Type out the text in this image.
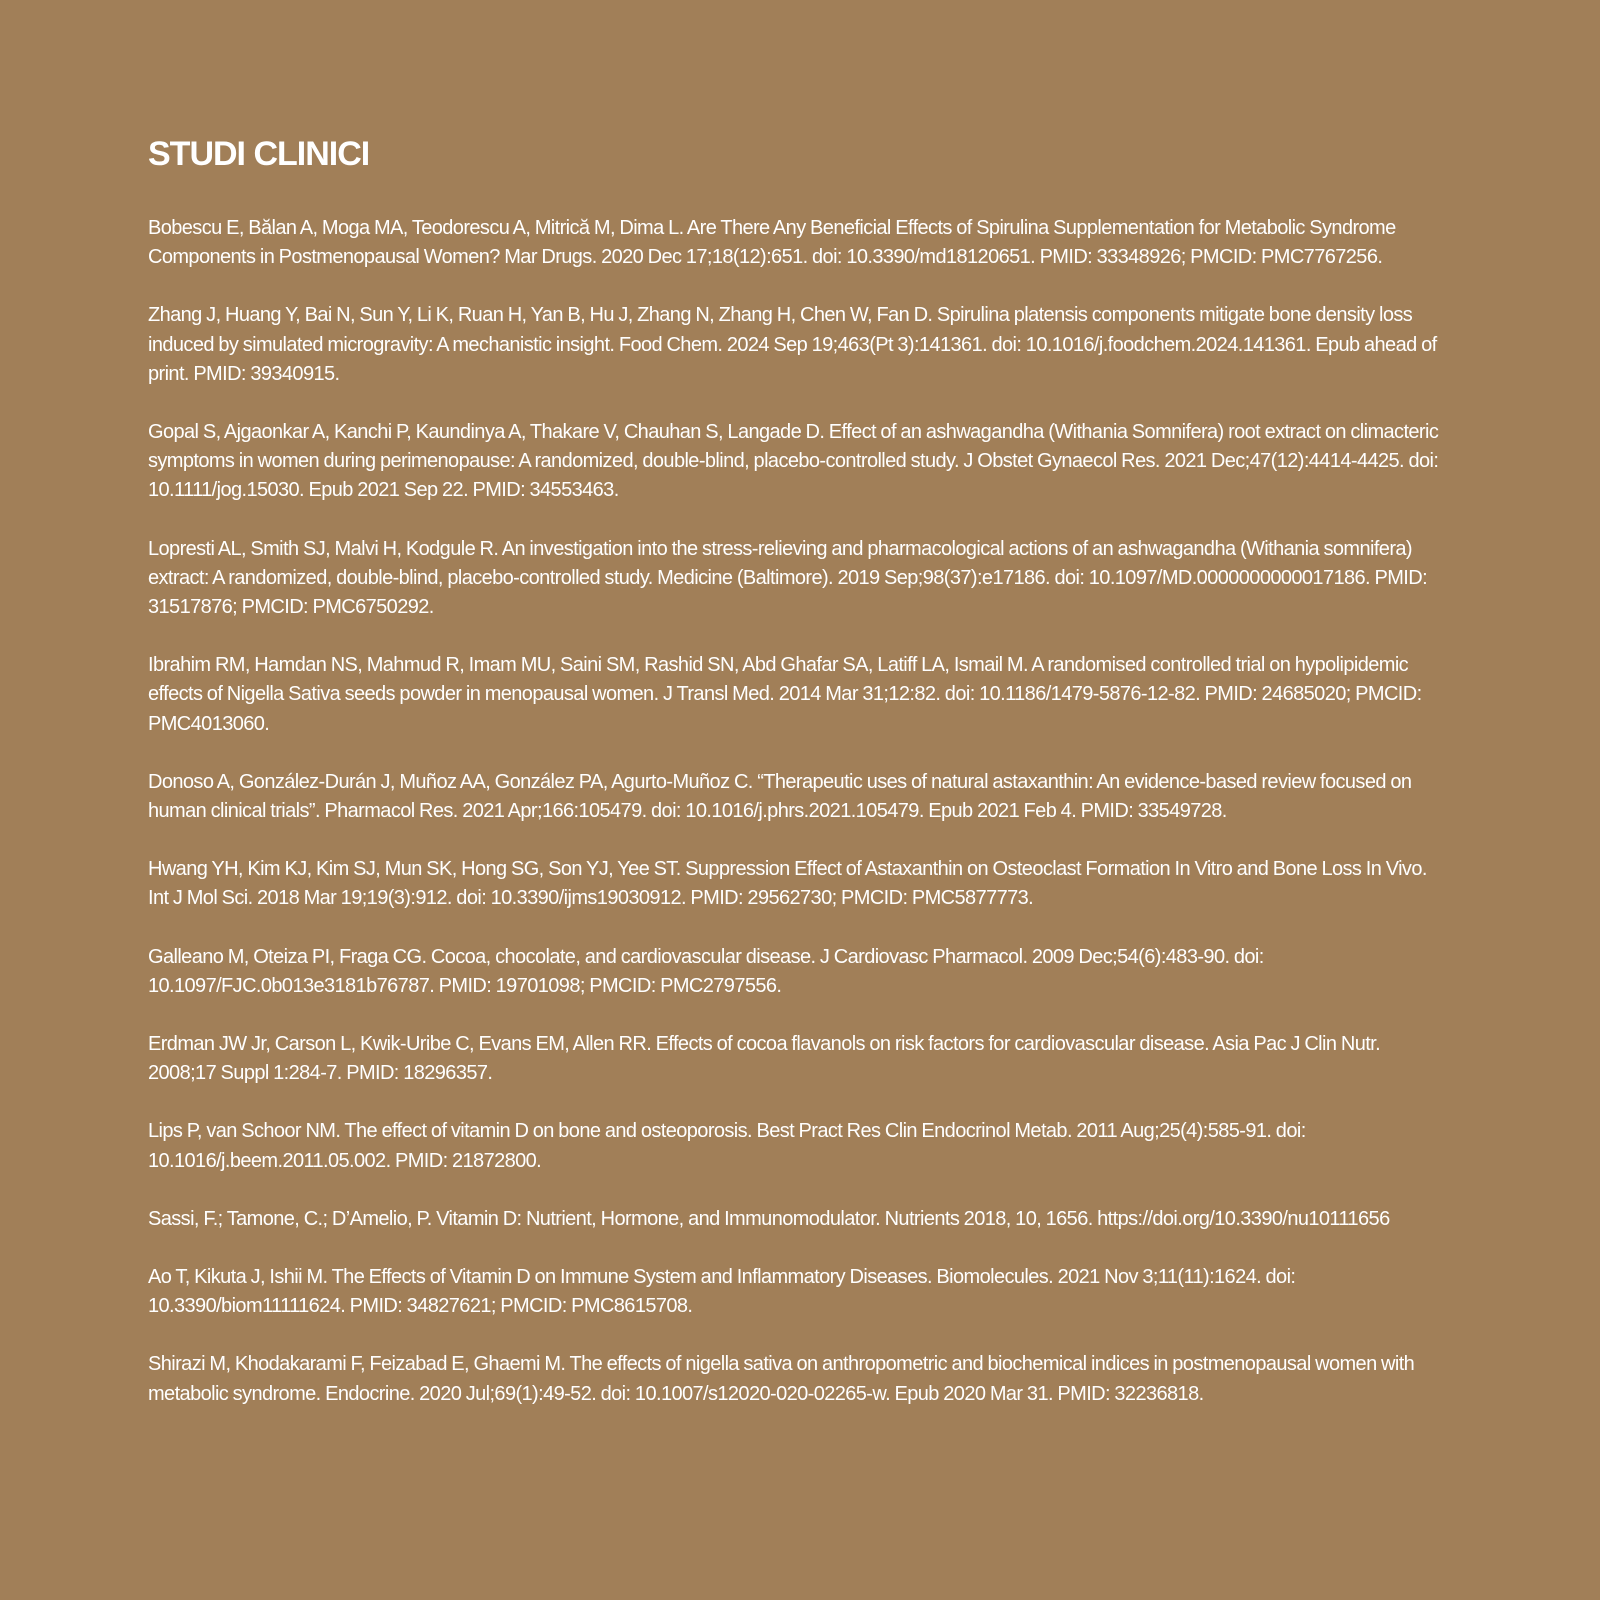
STUDI CLINICI
Bobescu E, Bălan A, Moga MA, Teodorescu A, Mitrică M, Dima L. Are There Any Beneficial Effects of Spirulina Supplementation for Metabolic Syndrome Components in Postmenopausal Women? Mar Drugs. 2020 Dec 17;18(12):651. doi: 10.3390/md18120651. PMID: 33348926; PMCID: PMC7767256.
Zhang J, Huang Y, Bai N, Sun Y, Li K, Ruan H, Yan B, Hu J, Zhang N, Zhang H, Chen W, Fan D. Spirulina platensis components mitigate bone density loss induced by simulated microgravity: A mechanistic insight. Food Chem. 2024 Sep 19;463(Pt 3):141361. doi: 10.1016/j.foodchem.2024.141361. Epub ahead of print. PMID: 39340915.
Gopal S, Ajgaonkar A, Kanchi P, Kaundinya A, Thakare V, Chauhan S, Langade D. Effect of an ashwagandha (Withania Somnifera) root extract on climacteric symptoms in women during perimenopause: A randomized, double-blind, placebo-controlled study. J Obstet Gynaecol Res. 2021 Dec;47(12):4414-4425. doi: 10.1111/jog.15030. Epub 2021 Sep 22. PMID: 34553463.
Lopresti AL, Smith SJ, Malvi H, Kodgule R. An investigation into the stress-relieving and pharmacological actions of an ashwagandha (Withania somnifera) extract: A randomized, double-blind, placebo-controlled study. Medicine (Baltimore). 2019 Sep;98(37):e17186. doi: 10.1097/MD.0000000000017186. PMID: 31517876; PMCID: PMC6750292.
Ibrahim RM, Hamdan NS, Mahmud R, Imam MU, Saini SM, Rashid SN, Abd Ghafar SA, Latiff LA, Ismail M. A randomised controlled trial on hypolipidemic effects of Nigella Sativa seeds powder in menopausal women. J Transl Med. 2014 Mar 31;12:82. doi: 10.1186/1479-5876-12-82. PMID: 24685020; PMCID: PMC4013060.
Donoso A, González-Durán J, Muñoz AA, González PA, Agurto-Muñoz C. “Therapeutic uses of natural astaxanthin: An evidence-based review focused on human clinical trials”. Pharmacol Res. 2021 Apr;166:105479. doi: 10.1016/j.phrs.2021.105479. Epub 2021 Feb 4. PMID: 33549728.
Hwang YH, Kim KJ, Kim SJ, Mun SK, Hong SG, Son YJ, Yee ST. Suppression Effect of Astaxanthin on Osteoclast Formation In Vitro and Bone Loss In Vivo. Int J Mol Sci. 2018 Mar 19;19(3):912. doi: 10.3390/ijms19030912. PMID: 29562730; PMCID: PMC5877773.
Galleano M, Oteiza PI, Fraga CG. Cocoa, chocolate, and cardiovascular disease. J Cardiovasc Pharmacol. 2009 Dec;54(6):483-90. doi: 10.1097/FJC.0b013e3181b76787. PMID: 19701098; PMCID: PMC2797556.
Erdman JW Jr, Carson L, Kwik-Uribe C, Evans EM, Allen RR. Effects of cocoa flavanols on risk factors for cardiovascular disease. Asia Pac J Clin Nutr. 2008;17 Suppl 1:284-7. PMID: 18296357.
Lips P, van Schoor NM. The effect of vitamin D on bone and osteoporosis. Best Pract Res Clin Endocrinol Metab. 2011 Aug;25(4):585-91. doi: 10.1016/j.beem.2011.05.002. PMID: 21872800.
Sassi, F.; Tamone, C.; D’Amelio, P. Vitamin D: Nutrient, Hormone, and Immunomodulator. Nutrients 2018, 10, 1656. https://doi.org/10.3390/nu10111656
Ao T, Kikuta J, Ishii M. The Effects of Vitamin D on Immune System and Inflammatory Diseases. Biomolecules. 2021 Nov 3;11(11):1624. doi: 10.3390/biom11111624. PMID: 34827621; PMCID: PMC8615708.
Shirazi M, Khodakarami F, Feizabad E, Ghaemi M. The effects of nigella sativa on anthropometric and biochemical indices in postmenopausal women with metabolic syndrome. Endocrine. 2020 Jul;69(1):49-52. doi: 10.1007/s12020-020-02265-w. Epub 2020 Mar 31. PMID: 32236818.
